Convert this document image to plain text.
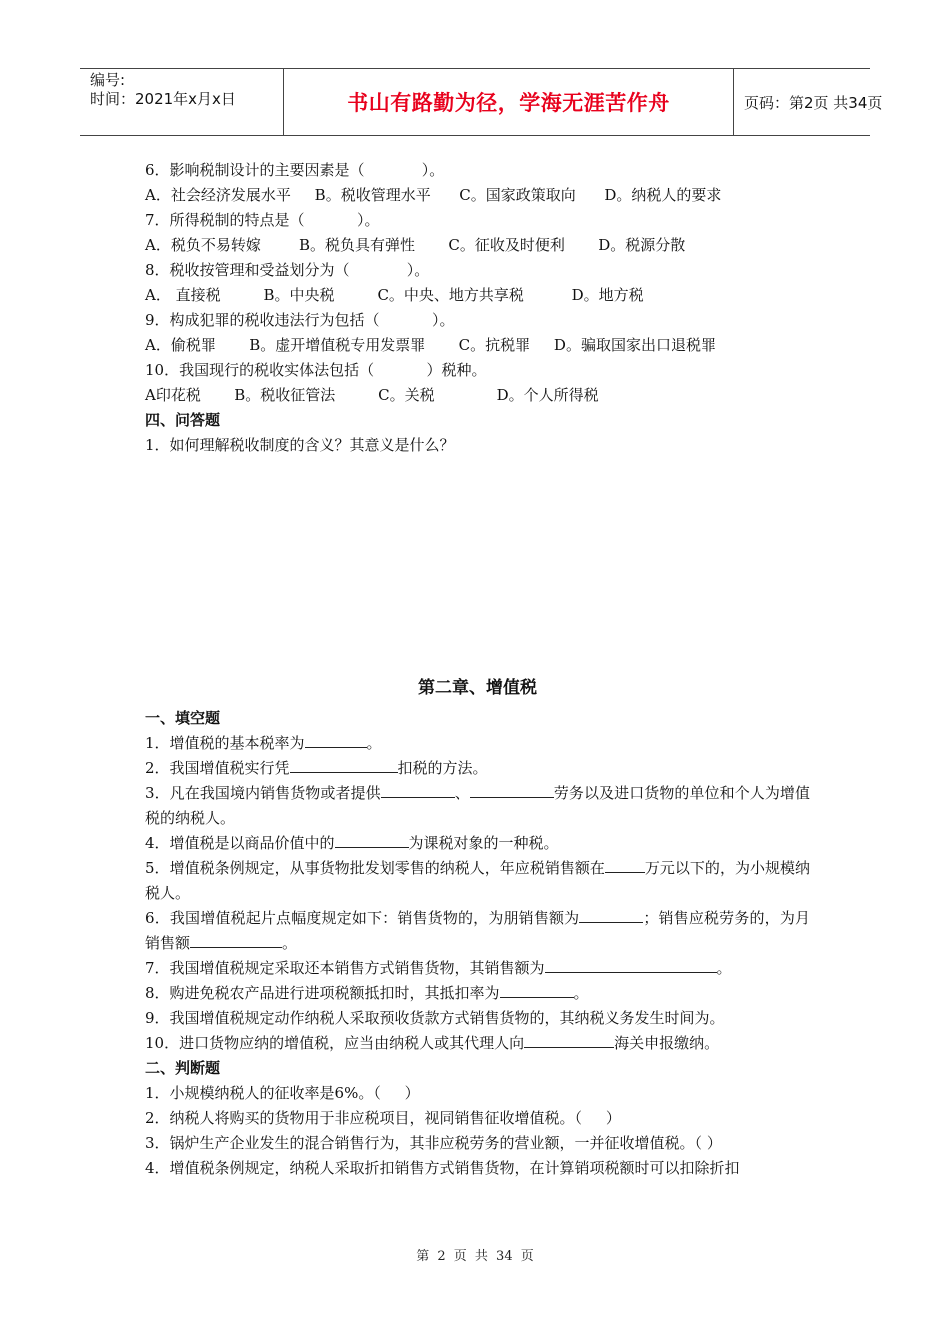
编号:
时间：2021年x月x日	书山有路勤为径，学海无涯苦作舟	页码：第2页 共34页
6．影响税制设计的主要因素是（            ）。
A．社会经济发展水平     B。税收管理水平      C。国家政策取向      D。纳税人的要求
7．所得税制的特点是（           ）。
A．税负不易转嫁        B。税负具有弹性       C。征收及时便利       D。税源分散
8．税收按管理和受益划分为（            ）。
A． 直接税         B。中央税         C。中央、地方共享税          D。地方税
9．构成犯罪的税收违法行为包括（           ）。
A．偷税罪       B。虚开增值税专用发票罪       C。抗税罪     D。骗取国家出口退税罪
10．我国现行的税收实体法包括（           ）税种。
A印花税       B。税收征管法         C。关税             D。个人所得税
四、问答题
1．如何理解税收制度的含义？其意义是什么？
第二章、增值税
一、填空题
1．增值税的基本税率为	。
2．我国增值税实行凭	扣税的方法。
3．凡在我国境内销售货物或者提供	、	劳务以及进口货物的单位和个人为增值税的纳税人。
4．增值税是以商品价值中的	为课税对象的一种税。
5．增值税条例规定，从事货物批发划零售的纳税人，年应税销售额在	万元以下的，为小规模纳税人。
6．我国增值税起片点幅度规定如下：销售货物的，为朋销售额为	；销售应税劳务的，为月销售额	。
7．我国增值税规定采取还本销售方式销售货物，其销售额为	。
8．购进免税农产品进行进项税额抵扣时，其抵扣率为	。
9．我国增值税规定动作纳税人采取预收货款方式销售货物的，其纳税义务发生时间为。
10．进口货物应纳的增值税，应当由纳税人或其代理人向	海关申报缴纳。
二、判断题
1．小规模纳税人的征收率是6%。（     ）
2．纳税人将购买的货物用于非应税项目，视同销售征收增值税。（     ）
3．锅炉生产企业发生的混合销售行为，其非应税劳务的营业额，一并征收增值税。（ ）
4．增值税条例规定，纳税人采取折扣销售方式销售货物，在计算销项税额时可以扣除折扣
第 2 页 共 34 页
